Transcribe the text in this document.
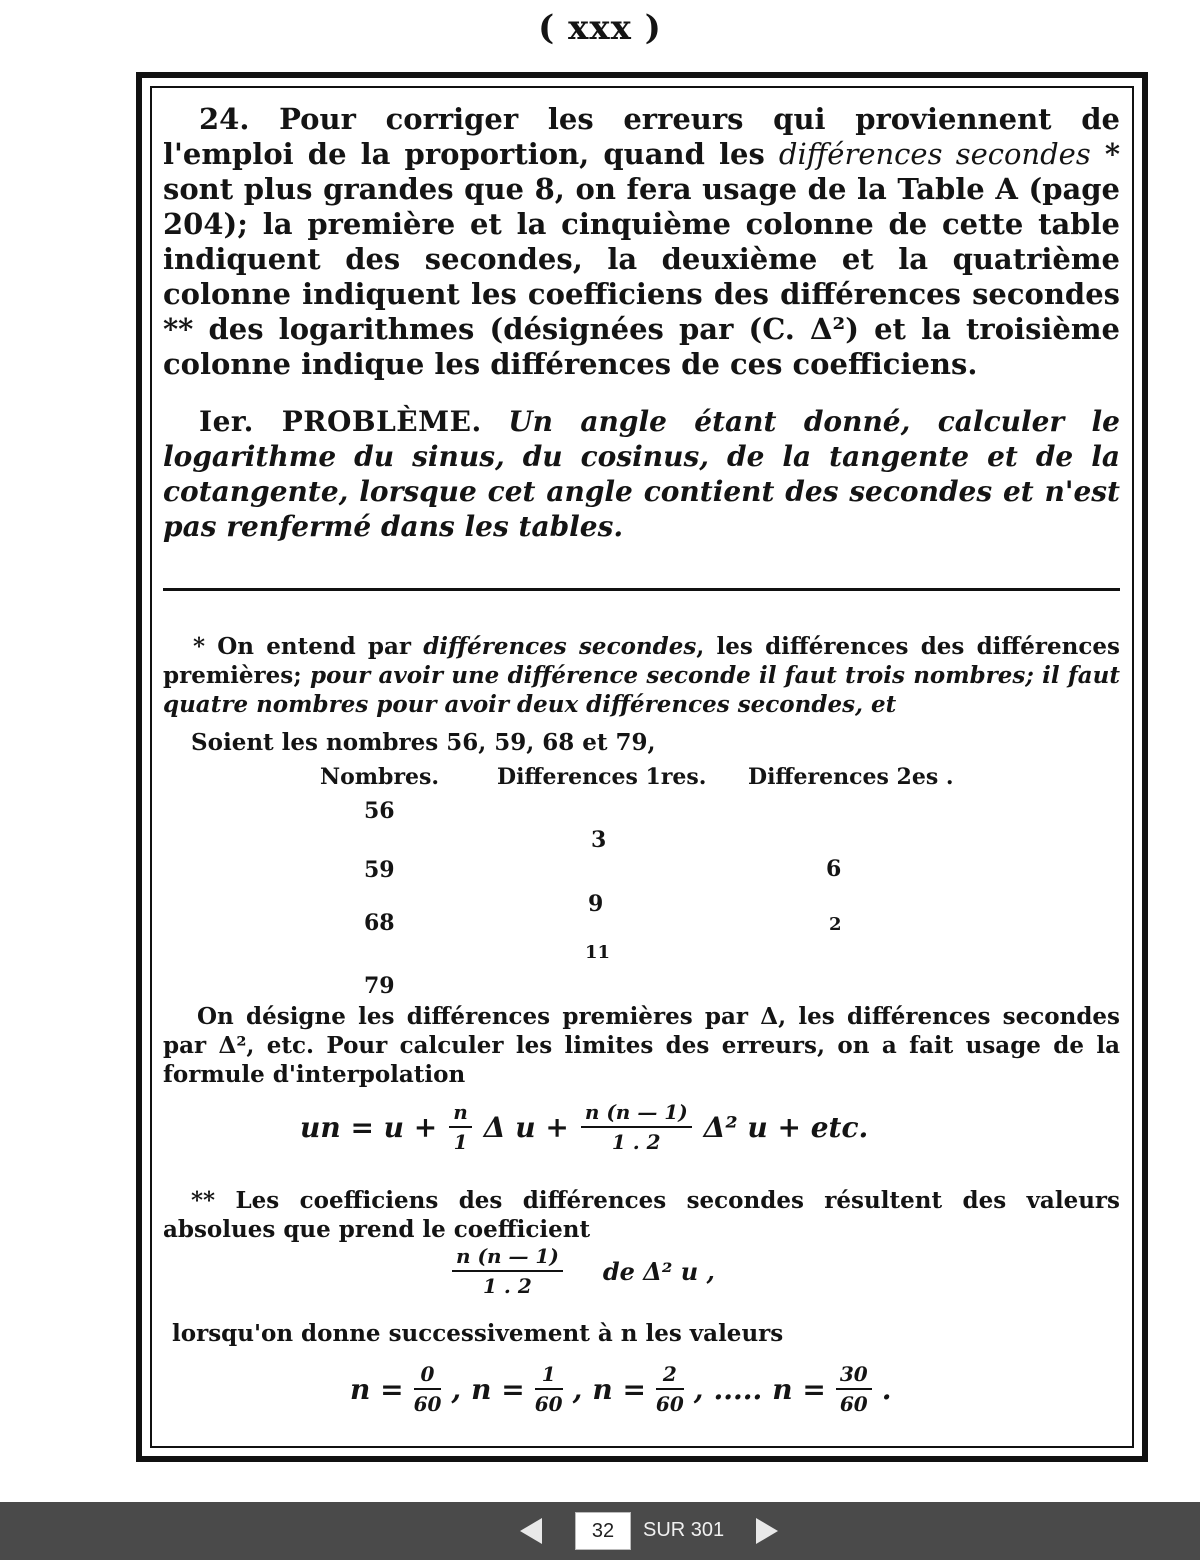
( xxx )

24. Pour corriger les erreurs qui proviennent de l'emploi de la proportion, quand les différences secondes * sont plus grandes que 8, on fera usage de la Table A (page 204); la première et la cinquième colonne de cette table indiquent des secondes, la deuxième et la quatrième colonne indiquent les coefficiens des différences secondes ** des logarithmes (désignées par (C. Δ²) et la troisième colonne indique les différences de ces coefficiens.

Ier. PROBLÈME. Un angle étant donné, calculer le logarithme du sinus, du cosinus, de la tangente et de la cotangente, lorsque cet angle contient des secondes et n'est pas renfermé dans les tables.

* On entend par différences secondes, les différences des différences premières; pour avoir une différence seconde il faut trois nombres; il faut quatre nombres pour avoir deux différences secondes, et

Soient les nombres 56, 59, 68 et 79,
Nombres.	Differences 1res. Differences 2es .
56
59
68
79
3
9
11
6
2

On désigne les différences premières par Δ, les différences secondes par Δ², etc. Pour calculer les limites des erreurs, on a fait usage de la formule d'interpolation

un = $u + \frac{n}{1}$ Δ $u + \frac{n (n — 1)}{1 . 2} \Delta^2$ u + etc.

** Les coefficiens des différences secondes résultent des valeurs absolues que prend le coefficient

$\frac{n (n — 1)}{1 . 2}$ de Δ² u ,
lorsqu'on donne successivement à n les valeurs
$n = \frac{0}{60}$ , $n = \frac{1}{60}$ , $n = \frac{2}{60}$ , ..... $n = \frac{30}{60}$ .
32	SUR 301
